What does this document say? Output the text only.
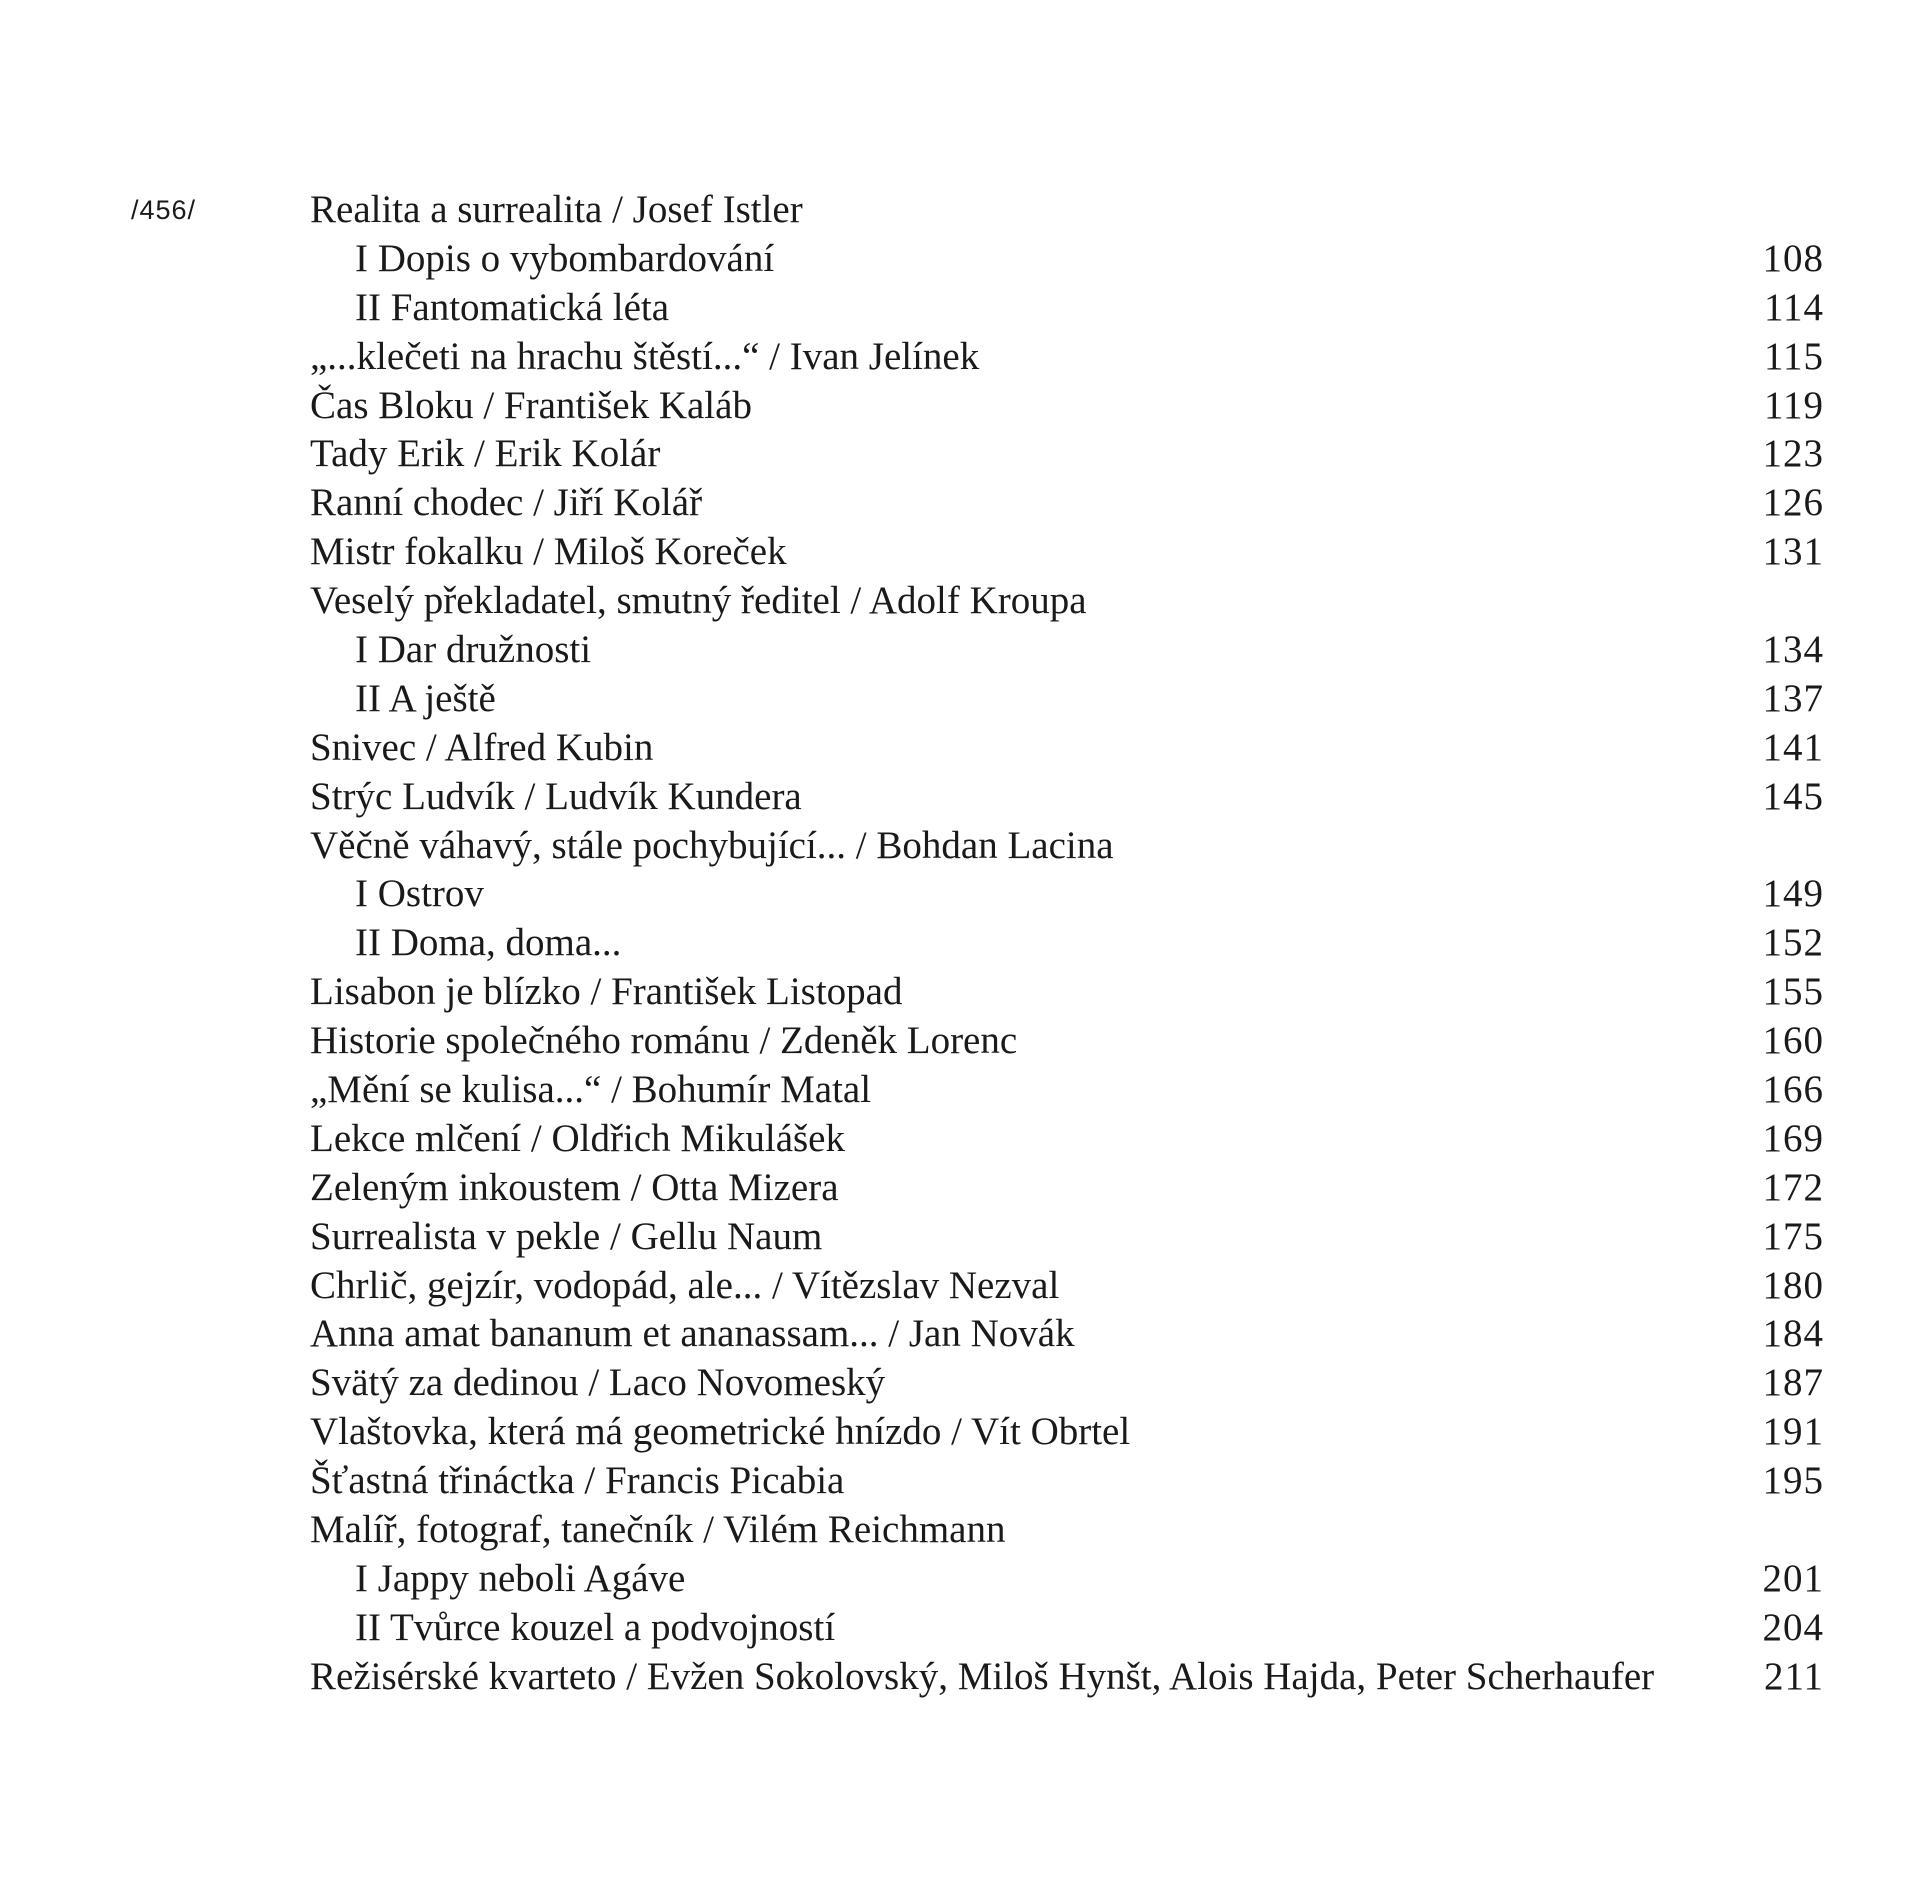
/456/	Realita a surrealita / Josef Istler
I Dopis o vybombardování	108
II Fantomatická léta	114
„...klečeti na hrachu štěstí...“ / Ivan Jelínek	115
Čas Bloku / František Kaláb	119
Tady Erik / Erik Kolár	123
Ranní chodec / Jiří Kolář	126
Mistr fokalku / Miloš Koreček	131
Veselý překladatel, smutný ředitel / Adolf Kroupa
I Dar družnosti	134
II A ještě	137
Snivec / Alfred Kubin	141
Strýc Ludvík / Ludvík Kundera	145
Věčně váhavý, stále pochybující... / Bohdan Lacina
I Ostrov	149
II Doma, doma...	152
Lisabon je blízko / František Listopad	155
Historie společného románu / Zdeněk Lorenc	160
„Mění se kulisa...“ / Bohumír Matal	166
Lekce mlčení / Oldřich Mikulášek	169
Zeleným inkoustem / Otta Mizera	172
Surrealista v pekle / Gellu Naum	175
Chrlič, gejzír, vodopád, ale... / Vítězslav Nezval	180
Anna amat bananum et ananassam... / Jan Novák	184
Svätý za dedinou / Laco Novomeský	187
Vlaštovka, která má geometrické hnízdo / Vít Obrtel	191
Šťastná třináctka / Francis Picabia	195
Malíř, fotograf, tanečník / Vilém Reichmann
I Jappy neboli Agáve	201
II Tvůrce kouzel a podvojností	204
Režisérské kvarteto / Evžen Sokolovský, Miloš Hynšt, Alois Hajda, Peter Scherhaufer	211
